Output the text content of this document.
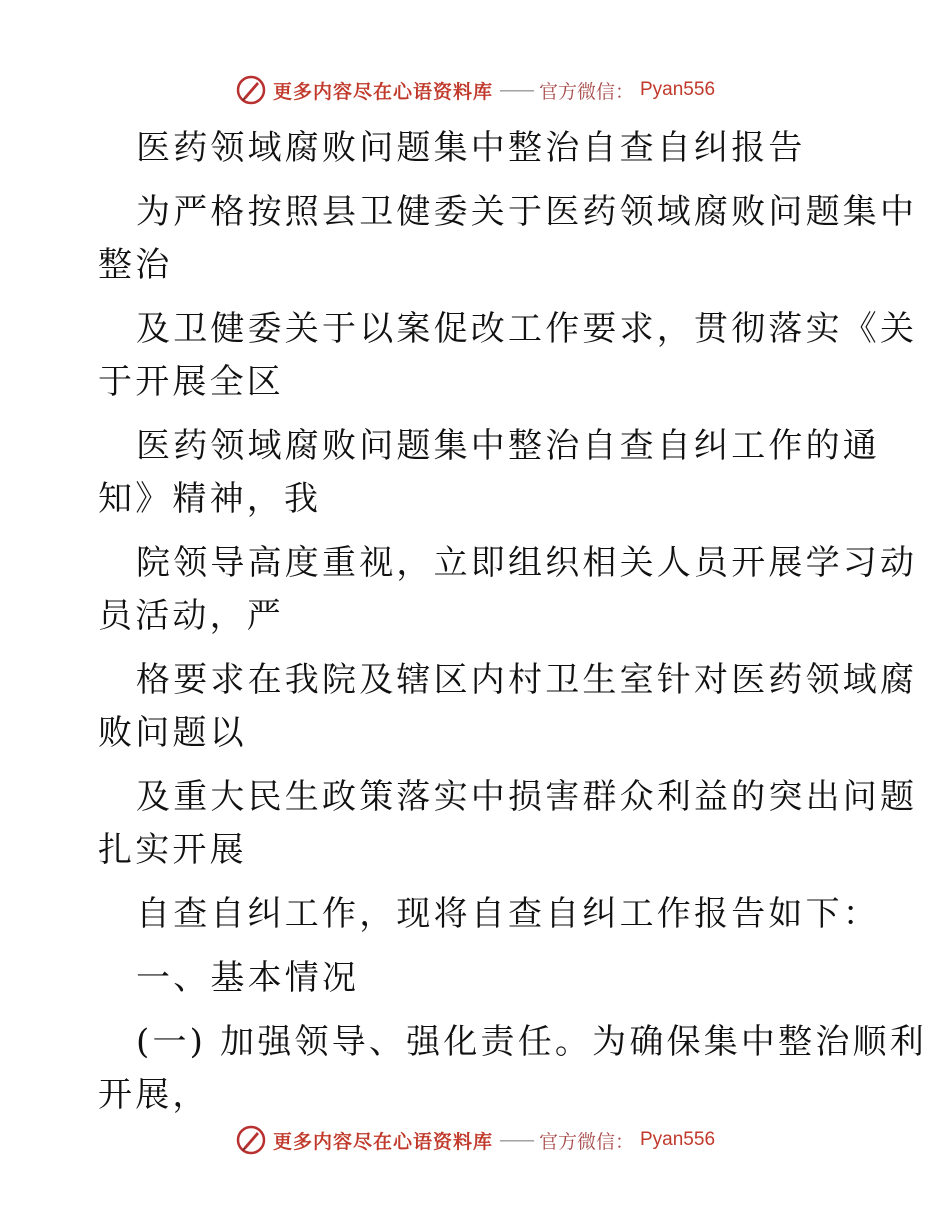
更多内容尽在心语资料库 —— 官方微信： Pyan556
医药领域腐败问题集中整治自查自纠报告
为严格按照县卫健委关于医药领域腐败问题集中
整治
及卫健委关于以案促改工作要求，贯彻落实《关
于开展全区
医药领域腐败问题集中整治自查自纠工作的通
知》精神，我
院领导高度重视，立即组织相关人员开展学习动
员活动，严
格要求在我院及辖区内村卫生室针对医药领域腐
败问题以
及重大民生政策落实中损害群众利益的突出问题
扎实开展
自查自纠工作，现将自查自纠工作报告如下：
一、基本情况
(一) 加强领导、强化责任。为确保集中整治顺利
开展，
更多内容尽在心语资料库 —— 官方微信： Pyan556
